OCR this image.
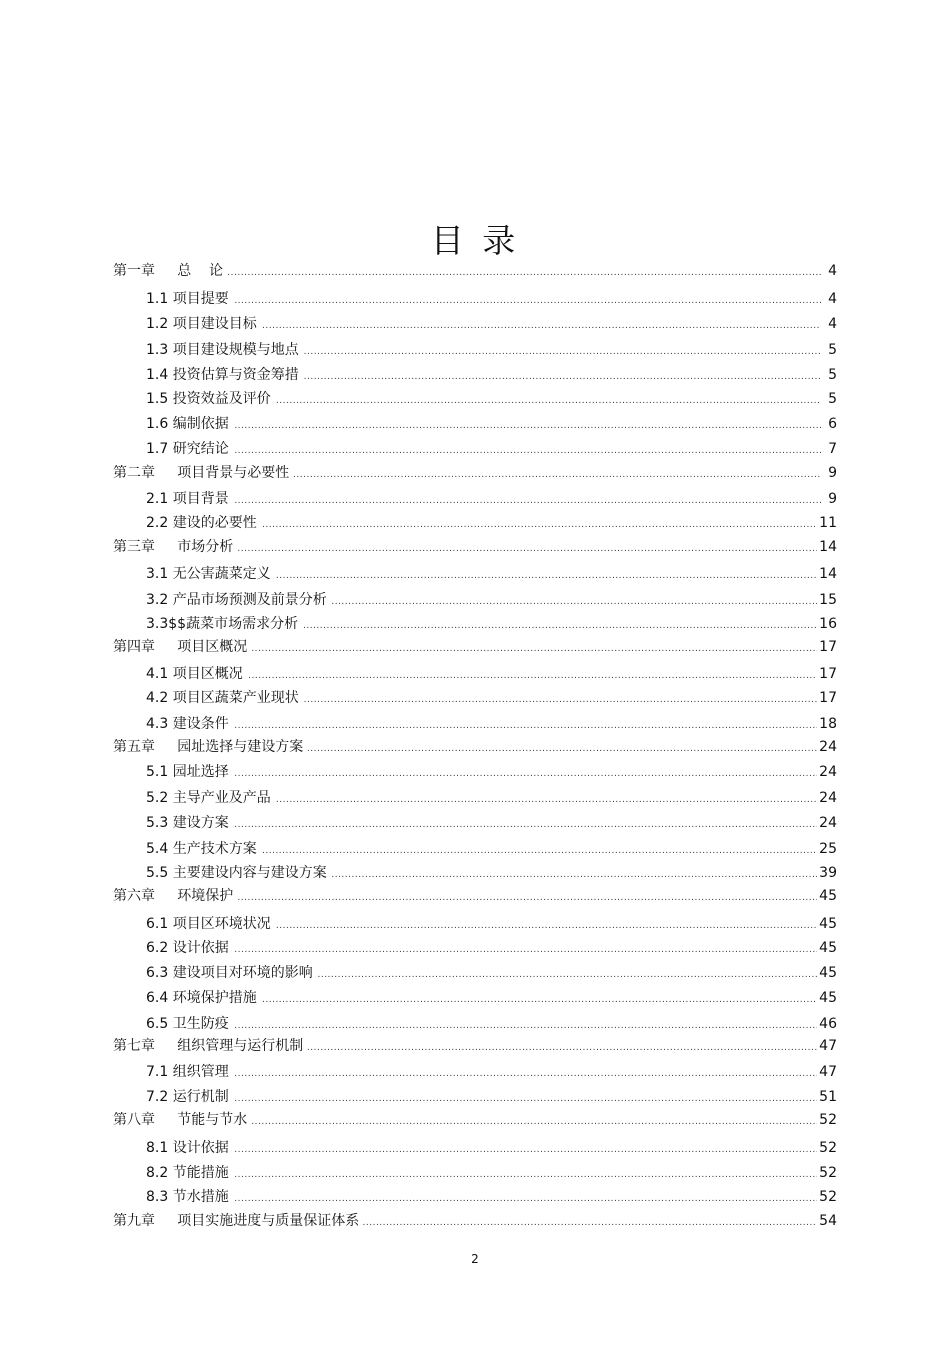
目 录
第一章     总    论 .....	4
1.1 项目提要 .....	4
1.2 项目建设目标 .....	4
1.3 项目建设规模与地点 .....	5
1.4 投资估算与资金筹措 .....	5
1.5 投资效益及评价 .....	5
1.6 编制依据 .....	6
1.7 研究结论 .....	7
第二章     项目背景与必要性 .....	9
2.1 项目背景 .....	9
2.2 建设的必要性 .....	11
第三章     市场分析 .....	14
3.1 无公害蔬菜定义 .....	14
3.2 产品市场预测及前景分析 .....	15
3.3$$蔬菜市场需求分析 .....	16
第四章     项目区概况 .....	17
4.1 项目区概况 .....	17
4.2 项目区蔬菜产业现状 .....	17
4.3 建设条件 .....	18
第五章     园址选择与建设方案 .....	24
5.1 园址选择 .....	24
5.2 主导产业及产品 .....	24
5.3 建设方案 .....	24
5.4 生产技术方案 .....	25
5.5 主要建设内容与建设方案 .....	39
第六章     环境保护 .....	45
6.1 项目区环境状况 .....	45
6.2 设计依据 .....	45
6.3 建设项目对环境的影响 .....	45
6.4 环境保护措施 .....	45
6.5 卫生防疫 .....	46
第七章     组织管理与运行机制 .....	47
7.1 组织管理 .....	47
7.2 运行机制 .....	51
第八章     节能与节水 .....	52
8.1 设计依据 .....	52
8.2 节能措施 .....	52
8.3 节水措施 .....	52
第九章     项目实施进度与质量保证体系 .....	54
2
